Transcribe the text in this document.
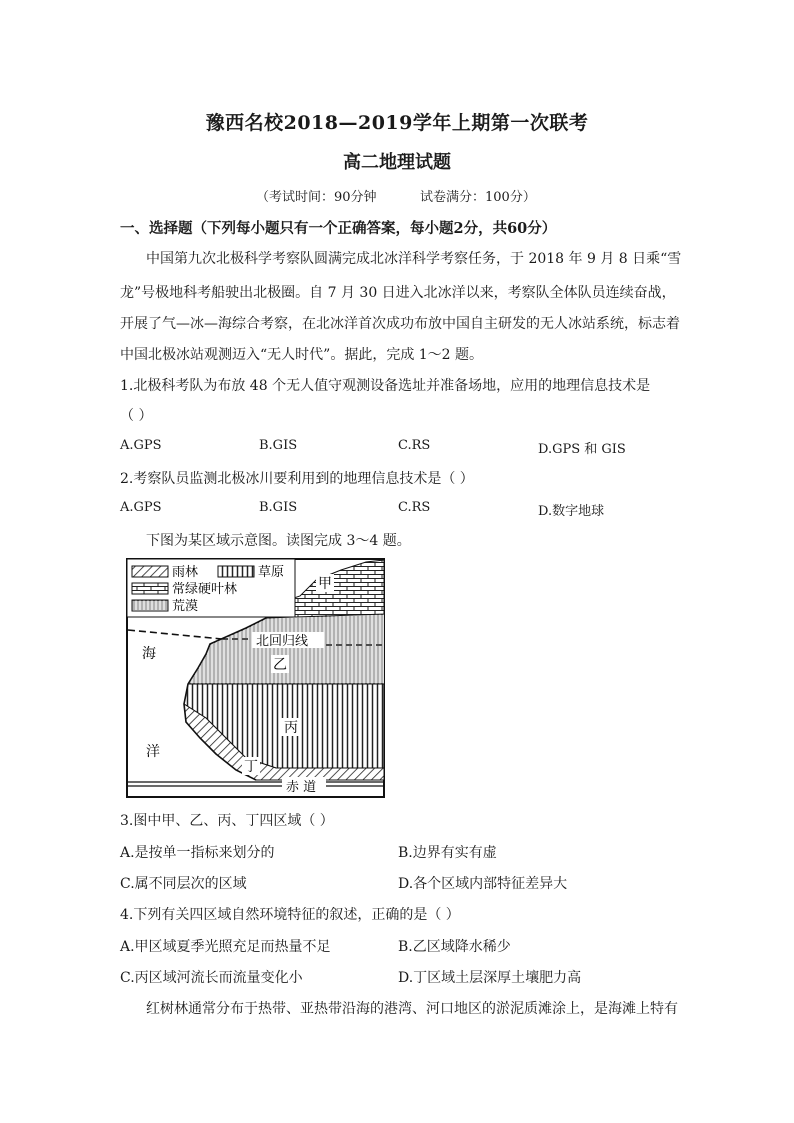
豫西名校2018—2019学年上期第一次联考
高二地理试题
（考试时间：90分钟	试卷满分：100分）
一、选择题（下列每小题只有一个正确答案，每小题2分，共60分）
中国第九次北极科学考察队圆满完成北冰洋科学考察任务，于 2018 年 9 月 8 日乘“雪
龙”号极地科考船驶出北极圈。自 7 月 30 日进入北冰洋以来，考察队全体队员连续奋战，
开展了气—冰—海综合考察，在北冰洋首次成功布放中国自主研发的无人冰站系统，标志着
中国北极冰站观测迈入“无人时代”。据此，完成 1～2 题。
1.北极科考队为布放 48 个无人值守观测设备选址并准备场地，应用的地理信息技术是
（ ）
A.GPS	B.GIS	C.RS	D.GPS 和 GIS
2.考察队员监测北极冰川要利用到的地理信息技术是（ ）
A.GPS	B.GIS	C.RS	D.数字地球
下图为某区域示意图。读图完成 3～4 题。
雨林	草原
常绿硬叶林
荒漠
北回归线
赤 道
甲
乙
丙
丁
海
洋
3.图中甲、乙、丙、丁四区域（ ）
A.是按单一指标来划分的	B.边界有实有虚
C.属不同层次的区域	D.各个区域内部特征差异大
4.下列有关四区域自然环境特征的叙述，正确的是（ ）
A.甲区域夏季光照充足而热量不足	B.乙区域降水稀少
C.丙区域河流长而流量变化小	D.丁区域土层深厚土壤肥力高
红树林通常分布于热带、亚热带沿海的港湾、河口地区的淤泥质滩涂上，是海滩上特有
